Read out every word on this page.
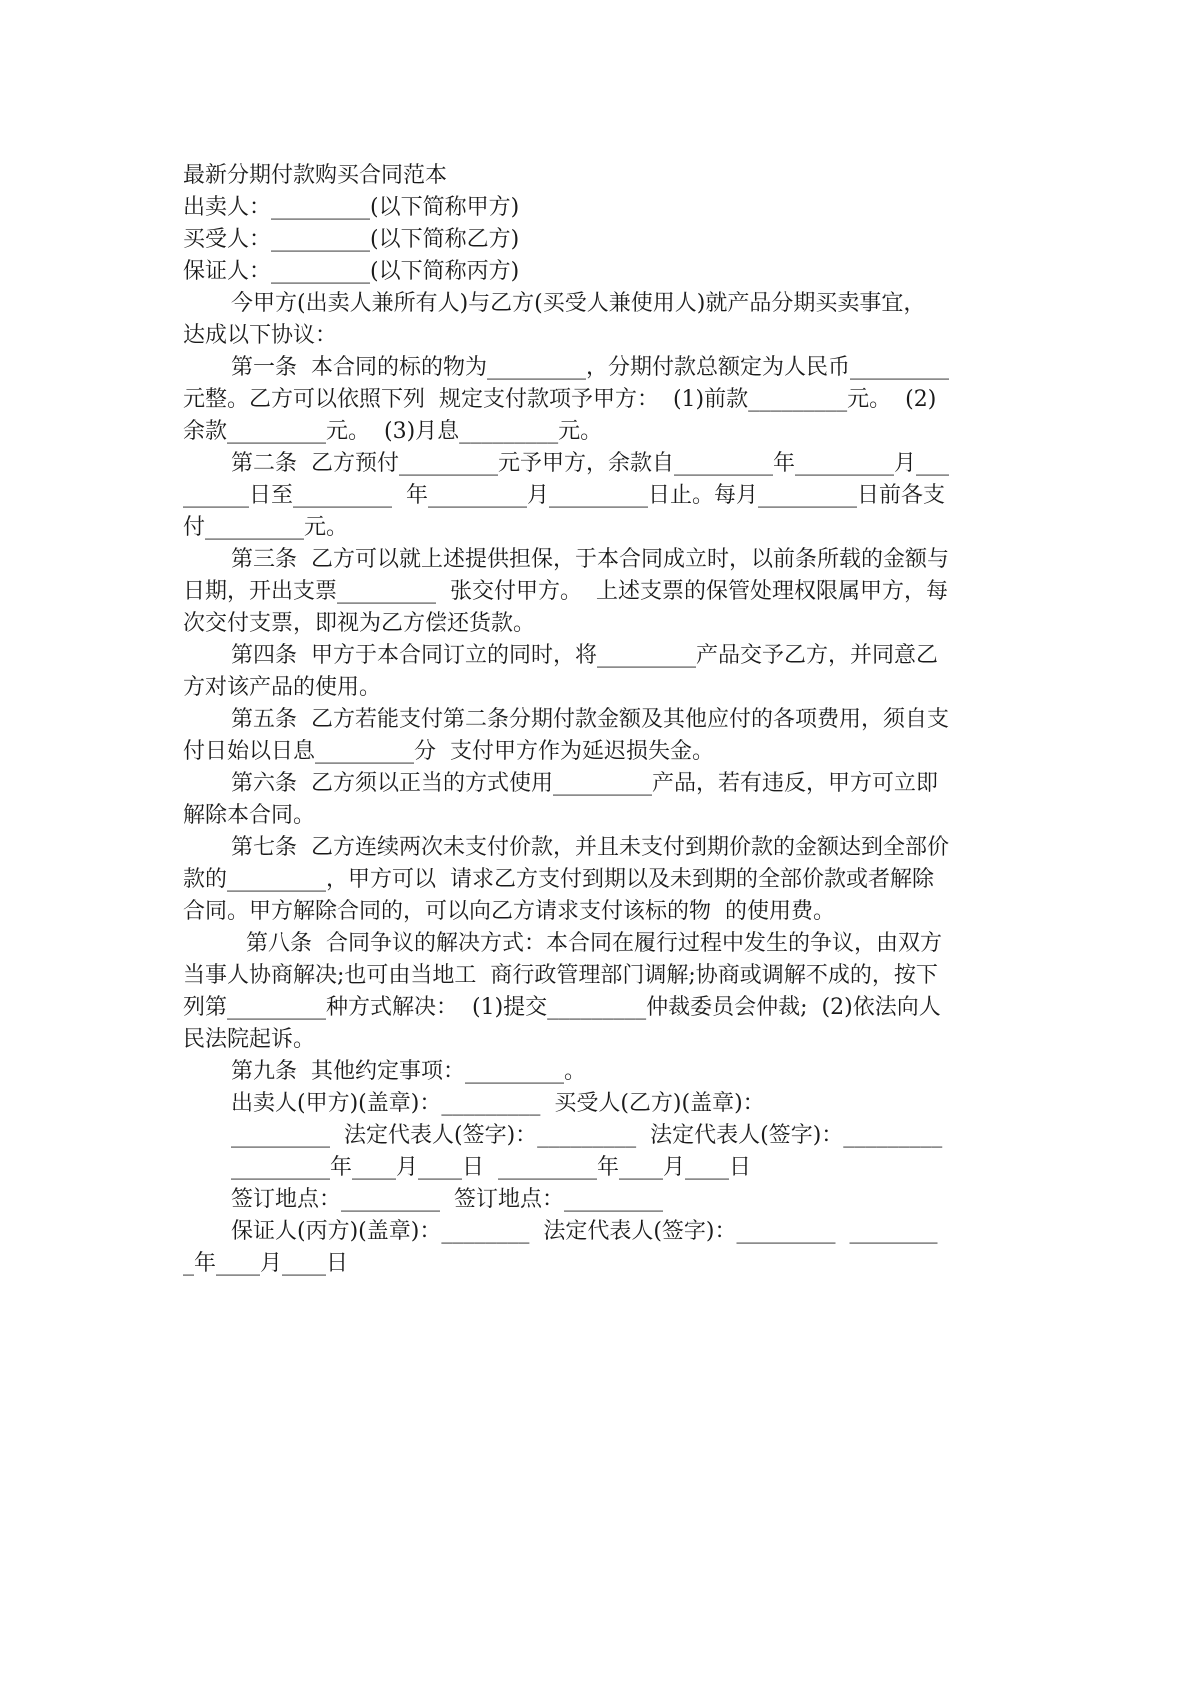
最新分期付款购买合同范本
出卖人：_________(以下简称甲方)
买受人：_________(以下简称乙方)
保证人：_________(以下简称丙方)
今甲方(出卖人兼所有人)与乙方(买受人兼使用人)就产品分期买卖事宜，
达成以下协议：
第一条  本合同的标的物为_________，分期付款总额定为人民币_________
元整。乙方可以依照下列  规定支付款项予甲方：  (1)前款_________元。  (2)
余款_________元。  (3)月息_________元。
第二条  乙方预付_________元予甲方，余款自_________年_________月___
______日至_________  年_________月_________日止。每月_________日前各支
付_________元。
第三条  乙方可以就上述提供担保，于本合同成立时，以前条所载的金额与
日期，开出支票_________  张交付甲方。  上述支票的保管处理权限属甲方，每
次交付支票，即视为乙方偿还货款。
第四条  甲方于本合同订立的同时，将_________产品交予乙方，并同意乙
方对该产品的使用。
第五条  乙方若能支付第二条分期付款金额及其他应付的各项费用，须自支
付日始以日息_________分  支付甲方作为延迟损失金。
第六条  乙方须以正当的方式使用_________产品，若有违反，甲方可立即
解除本合同。
第七条  乙方连续两次未支付价款，并且未支付到期价款的金额达到全部价
款的_________，甲方可以  请求乙方支付到期以及未到期的全部价款或者解除
合同。甲方解除合同的，可以向乙方请求支付该标的物  的使用费。
第八条  合同争议的解决方式：本合同在履行过程中发生的争议，由双方
当事人协商解决;也可由当地工  商行政管理部门调解;协商或调解不成的，按下
列第_________种方式解决：  (1)提交_________仲裁委员会仲裁;  (2)依法向人
民法院起诉。
第九条  其他约定事项：_________。
出卖人(甲方)(盖章)：_________  买受人(乙方)(盖章)：
_________  法定代表人(签字)：_________  法定代表人(签字)：_________
_________年____月____日  _________年____月____日
签订地点：_________  签订地点：_________
保证人(丙方)(盖章)：________  法定代表人(签字)：_________  ________
_年____月____日
